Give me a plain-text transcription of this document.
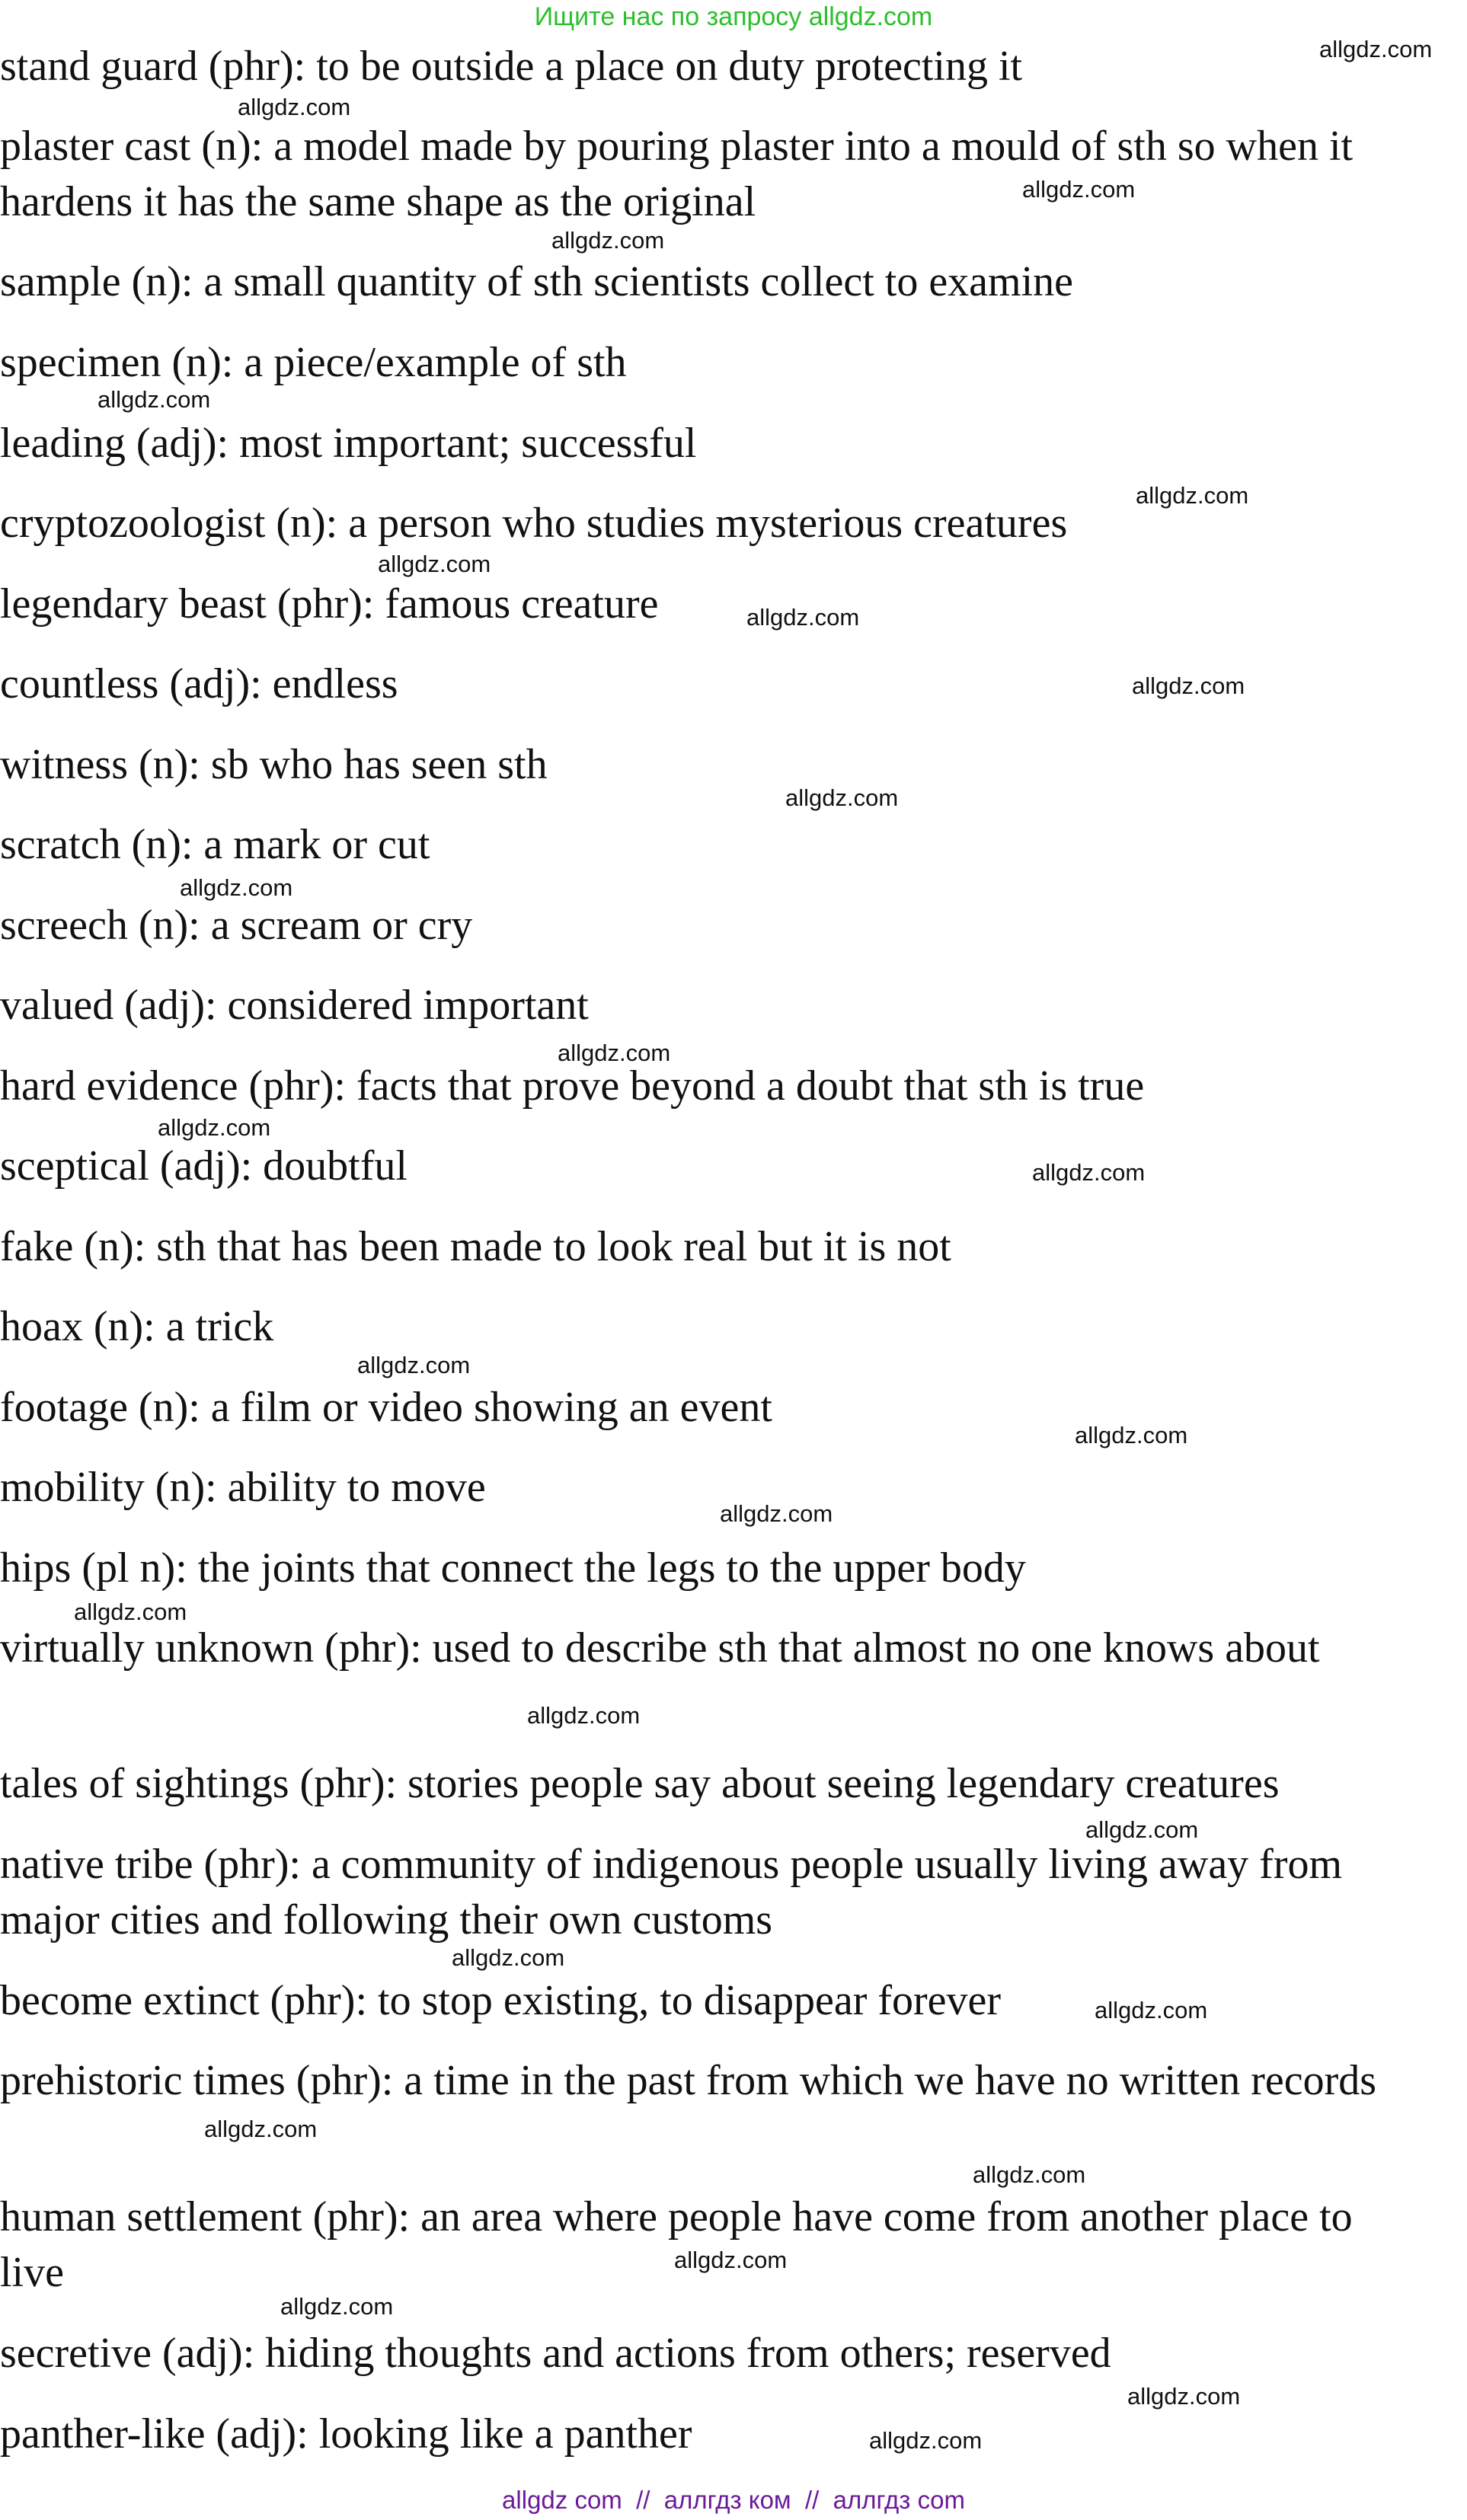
Ищите нас по запросу allgdz.com
stand guard (phr): to be outside a place on duty protecting it
plaster cast (n): a model made by pouring plaster into a mould of sth so when it hardens it has the same shape as the original
sample (n): a small quantity of sth scientists collect to examine
specimen (n): a piece/example of sth
leading (adj): most important; successful
cryptozoologist (n): a person who studies mysterious creatures
legendary beast (phr): famous creature
countless (adj): endless
witness (n): sb who has seen sth
scratch (n): a mark or cut
screech (n): a scream or cry
valued (adj): considered important
hard evidence (phr): facts that prove beyond a doubt that sth is true
sceptical (adj): doubtful
fake (n): sth that has been made to look real but it is not
hoax (n): a trick
footage (n): a film or video showing an event
mobility (n): ability to move
hips (pl n): the joints that connect the legs to the upper body
virtually unknown (phr): used to describe sth that almost no one knows about
tales of sightings (phr): stories people say about seeing legendary creatures
native tribe (phr): a community of indigenous people usually living away from major cities and following their own customs
become extinct (phr): to stop existing, to disappear forever
prehistoric times (phr): a time in the past from which we have no written records
human settlement (phr): an area where people have come from another place to live
secretive (adj): hiding thoughts and actions from others; reserved
panther-like (adj): looking like a panther
allgdz.com
allgdz.com
allgdz.com
allgdz.com
allgdz.com
allgdz.com
allgdz.com
allgdz.com
allgdz.com
allgdz.com
allgdz.com
allgdz.com
allgdz.com
allgdz.com
allgdz.com
allgdz.com
allgdz.com
allgdz.com
allgdz.com
allgdz.com
allgdz.com
allgdz.com
allgdz.com
allgdz.com
allgdz.com
allgdz.com
allgdz.com
allgdz.com
allgdz com  //  аллгдз ком  //  аллгдз com
